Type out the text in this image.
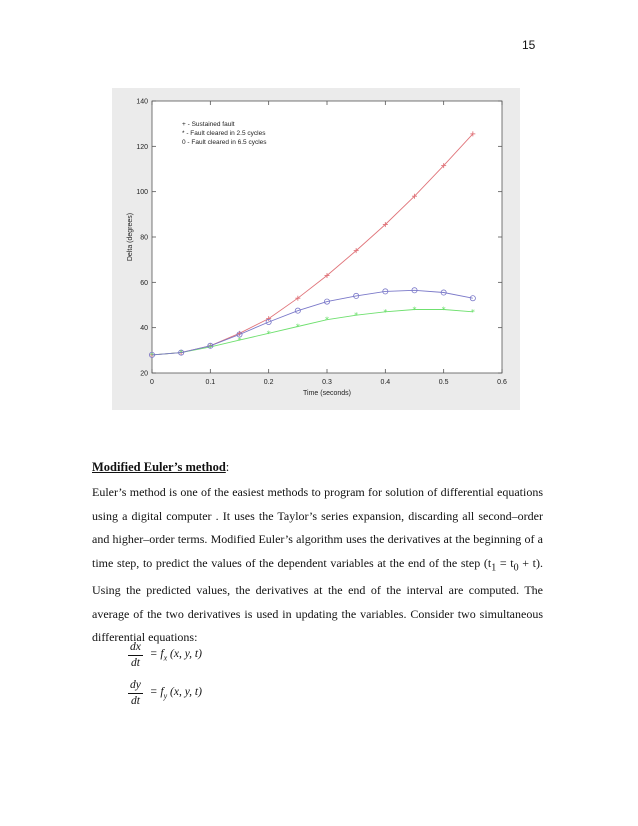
15
0	0.1	0.2	0.3	0.4	0.5	0.6
20
40
60
80
100
120
140
Time (seconds)
Delta (degrees)
*	*
*
*
*
*
*
*	*	*	*	*
+ - Sustained fault
* - Fault cleared in 2.5 cycles
0 - Fault cleared in 6.5 cycles
Modified Euler’s method:

Euler’s method is one of the easiest methods to program for solution of differential equations using a digital computer . It uses the Taylor’s series expansion, discarding all second–order and higher–order terms. Modified Euler’s algorithm uses the derivatives at the beginning of a time step, to predict the values of the dependent variables at the end of the step $(t_1 = t_0 + t)$. Using the predicted values, the derivatives at the end of the interval are computed. The average of the two derivatives is used in updating the variables. Consider two simultaneous differential equations:

$\frac{dx}{dt} = f_x$ (x, y, t)
$\frac{dy}{dt} = f_y$ (x, y, t)
